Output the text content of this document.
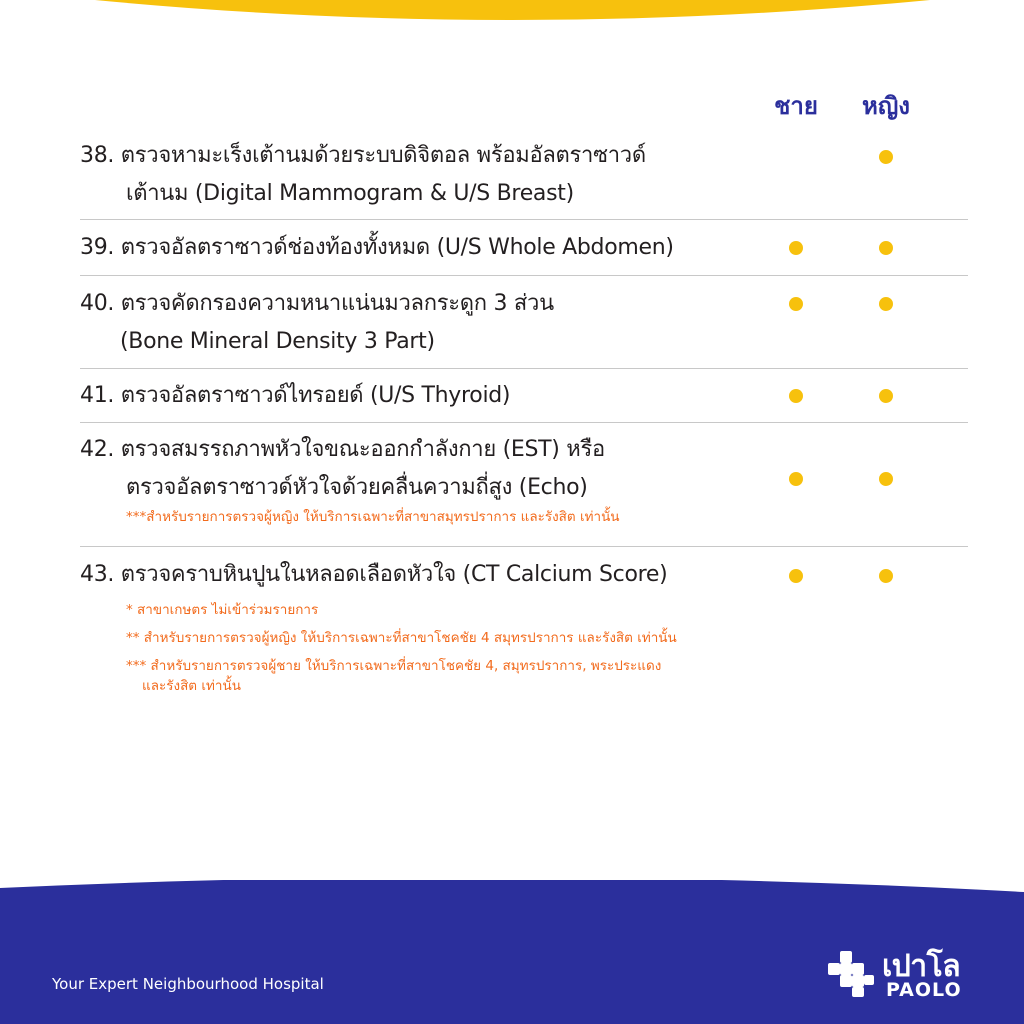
ชาย	หญิง
38. ตรวจหามะเร็งเต้านมด้วยระบบดิจิตอล พร้อมอัลตราซาวด์
เต้านม (Digital Mammogram & U/S Breast)
39. ตรวจอัลตราซาวด์ช่องท้องทั้งหมด (U/S Whole Abdomen)
40. ตรวจคัดกรองความหนาแน่นมวลกระดูก 3 ส่วน
(Bone Mineral Density 3 Part)
41. ตรวจอัลตราซาวด์ไทรอยด์ (U/S Thyroid)
42. ตรวจสมรรถภาพหัวใจขณะออกกำลังกาย (EST) หรือ
ตรวจอัลตราซาวด์หัวใจด้วยคลื่นความถี่สูง (Echo)
***สำหรับรายการตรวจผู้หญิง ให้บริการเฉพาะที่สาขาสมุทรปราการ และรังสิต เท่านั้น
43. ตรวจคราบหินปูนในหลอดเลือดหัวใจ (CT Calcium Score)
* สาขาเกษตร ไม่เข้าร่วมรายการ
** สำหรับรายการตรวจผู้หญิง ให้บริการเฉพาะที่สาขาโชคชัย 4 สมุทรปราการ และรังสิต เท่านั้น
*** สำหรับรายการตรวจผู้ชาย ให้บริการเฉพาะที่สาขาโชคชัย 4, สมุทรปราการ, พระประแดง
และรังสิต เท่านั้น
Your Expert Neighbourhood Hospital	เปาโล
PAOLO
